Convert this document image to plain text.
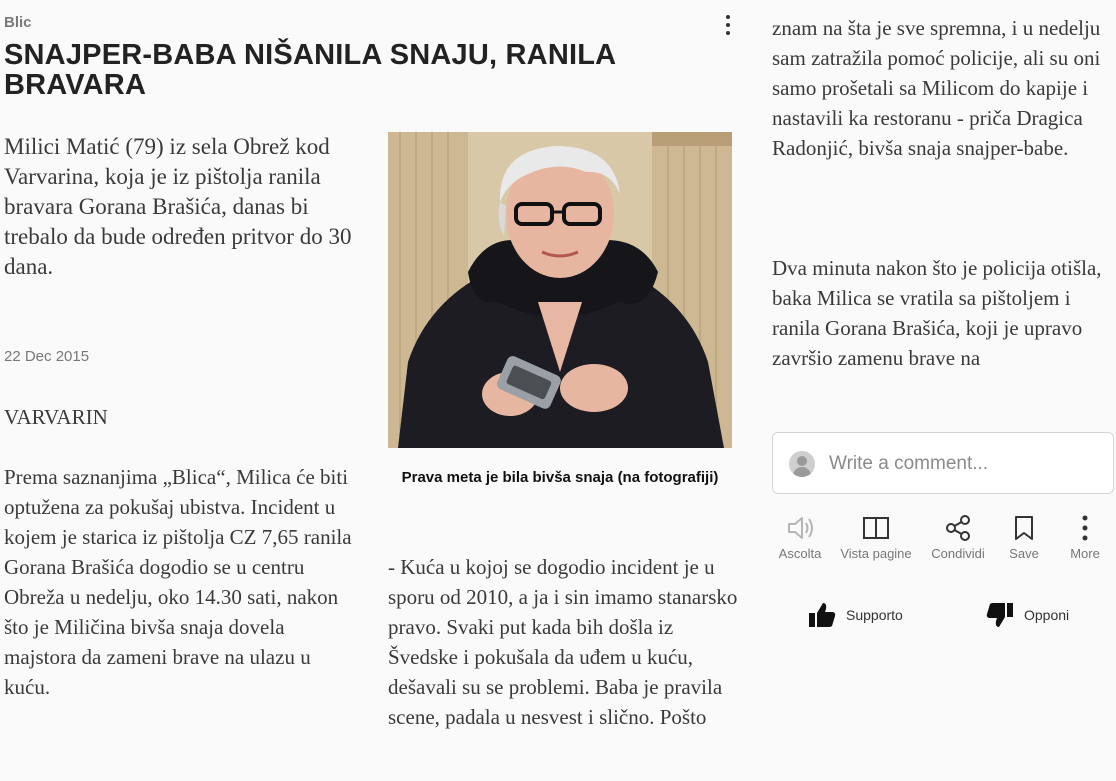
Blic
SNAJPER-BABA NIŠANILA SNAJU, RANILA BRAVARA
Milici Matić (79) iz sela Obrež kod Varvarina, koja je iz pištolja ranila bravara Gorana Brašića, danas bi trebalo da bude određen pritvor do 30 dana.
22 Dec 2015
VARVARIN

Prema saznanjima „Blica“, Milica će biti optužena za pokušaj ubistva. Incident u kojem je starica iz pištolja CZ 7,65 ranila Gorana Brašića dogodio se u centru Obreža u nedelju, oko 14.30 sati, nakon što je Miličina bivša snaja dovela majstora da zameni brave na ulazu u kuću.

Prava meta je bila bivša snaja (na fotografiji)

- Kuća u kojoj se dogodio incident je u sporu od 2010, a ja i sin imamo stanarsko pravo. Svaki put kada bih došla iz Švedske i pokušala da uđem u kuću, dešavali su se problemi. Baba je pravila scene, padala u nesvest i slično. Pošto

znam na šta je sve spremna, i u nedelju sam zatražila pomoć policije, ali su oni samo prošetali sa Milicom do kapije i nastavili ka restoranu - priča Dragica Radonjić, bivša snaja snajper-babe.

Dva minuta nakon što je policija otišla, baka Milica se vratila sa pištoljem i ranila Gorana Brašića, koji je upravo završio zamenu brave na

Write a comment...
Ascolta	Vista pagine	Condividi	Save	More
Supporto	Opponi
